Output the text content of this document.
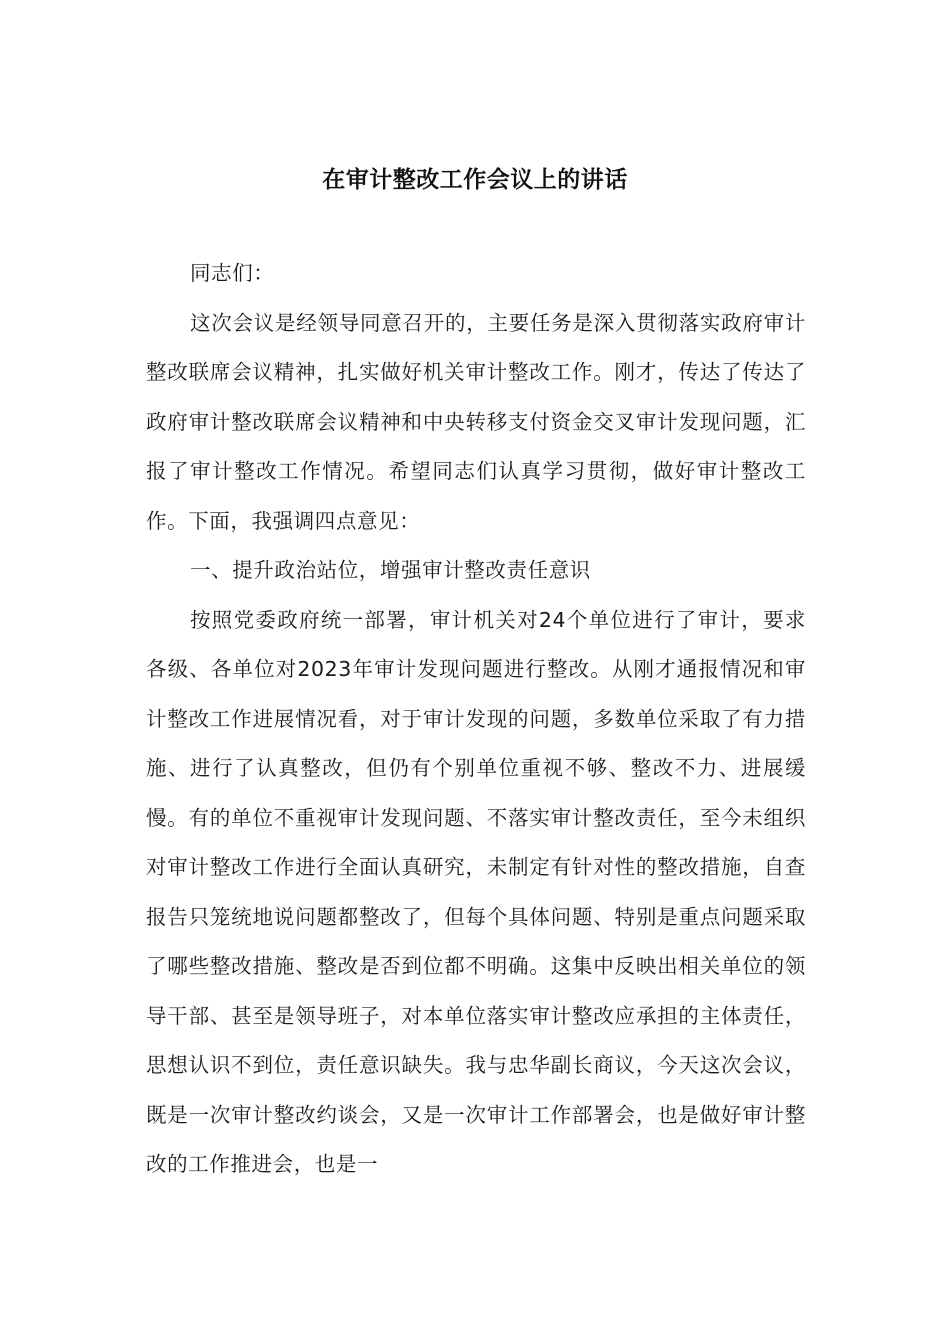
在审计整改工作会议上的讲话

同志们：

这次会议是经领导同意召开的，主要任务是深入贯彻落实政府审计整改联席会议精神，扎实做好机关审计整改工作。刚才，传达了传达了政府审计整改联席会议精神和中央转移支付资金交叉审计发现问题，汇报了审计整改工作情况。希望同志们认真学习贯彻，做好审计整改工作。下面，我强调四点意见：

一、提升政治站位，增强审计整改责任意识

按照党委政府统一部署，审计机关对24个单位进行了审计，要求各级、各单位对2023年审计发现问题进行整改。从刚才通报情况和审计整改工作进展情况看，对于审计发现的问题，多数单位采取了有力措施、进行了认真整改，但仍有个别单位重视不够、整改不力、进展缓慢。有的单位不重视审计发现问题、不落实审计整改责任，至今未组织对审计整改工作进行全面认真研究，未制定有针对性的整改措施，自查报告只笼统地说问题都整改了，但每个具体问题、特别是重点问题采取了哪些整改措施、整改是否到位都不明确。这集中反映出相关单位的领导干部、甚至是领导班子，对本单位落实审计整改应承担的主体责任，思想认识不到位，责任意识缺失。我与忠华副长商议，今天这次会议，既是一次审计整改约谈会，又是一次审计工作部署会，也是做好审计整改的工作推进会，也是一
